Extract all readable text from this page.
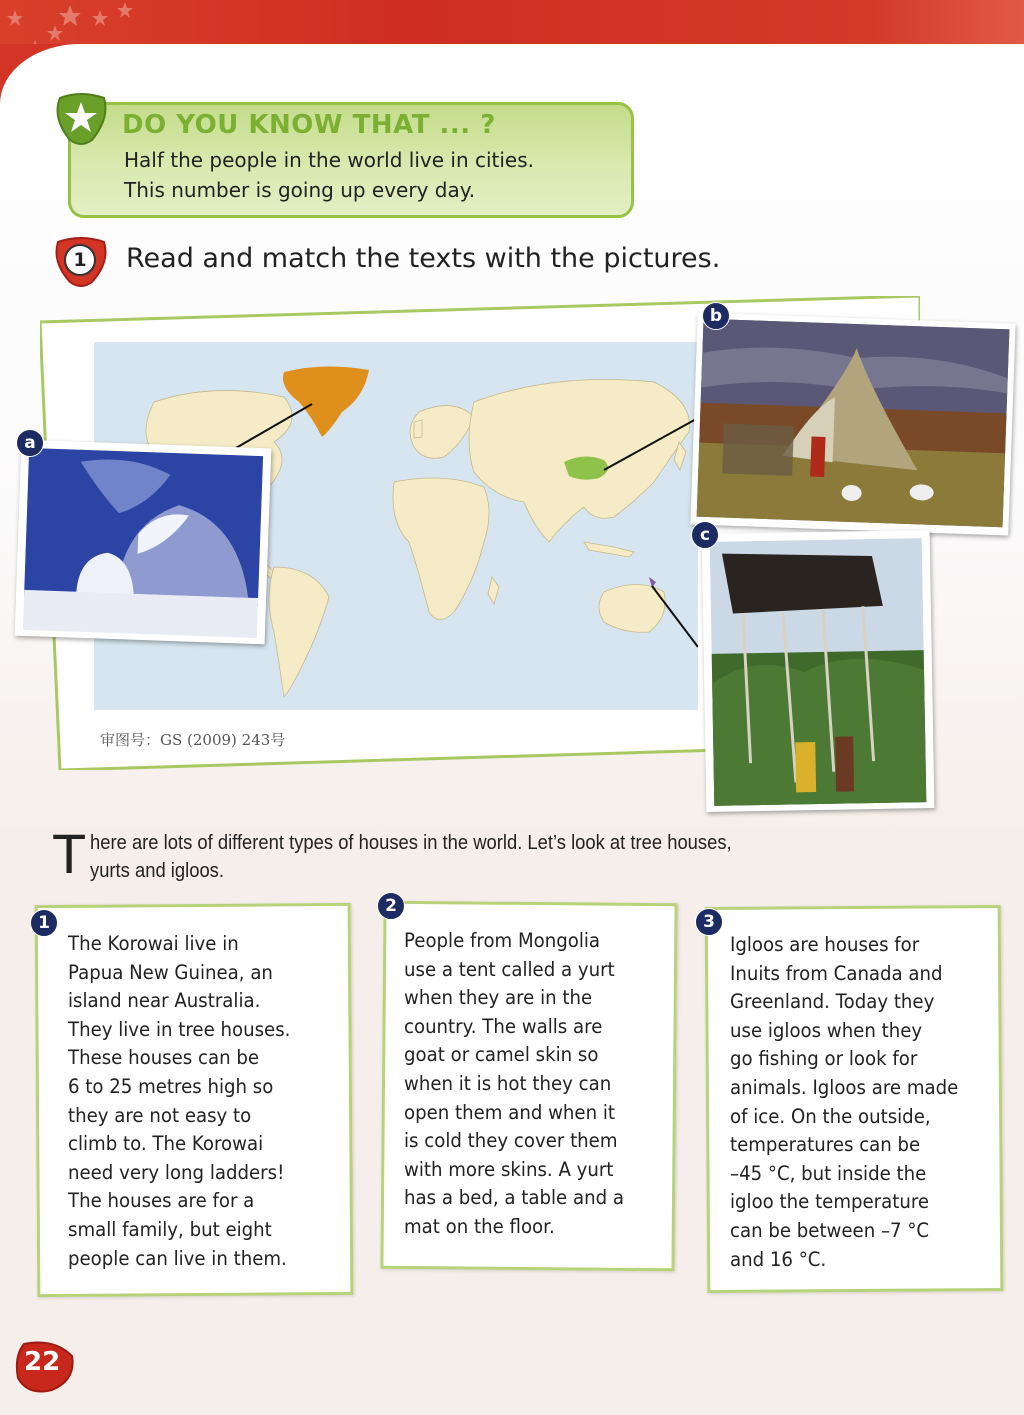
DO YOU KNOW THAT ... ?
Half the people in the world live in cities.
This number is going up every day.
1	Read and match the texts with the pictures.
审图号：GS (2009) 243号
a
b
c
T here are lots of different types of houses in the world. Let’s look at tree houses,
yurts and igloos.
1
The Korowai live in
Papua New Guinea, an
island near Australia.
They live in tree houses.
These houses can be
6 to 25 metres high so
they are not easy to
climb to. The Korowai
need very long ladders!
The houses are for a
small family, but eight
people can live in them.
2
People from Mongolia
use a tent called a yurt
when they are in the
country. The walls are
goat or camel skin so
when it is hot they can
open them and when it
is cold they cover them
with more skins. A yurt
has a bed, a table and a
mat on the floor.
3
Igloos are houses for
Inuits from Canada and
Greenland. Today they
use igloos when they
go fishing or look for
animals. Igloos are made
of ice. On the outside,
temperatures can be
–45 °C, but inside the
igloo the temperature
can be between –7 °C
and 16 °C.
22
